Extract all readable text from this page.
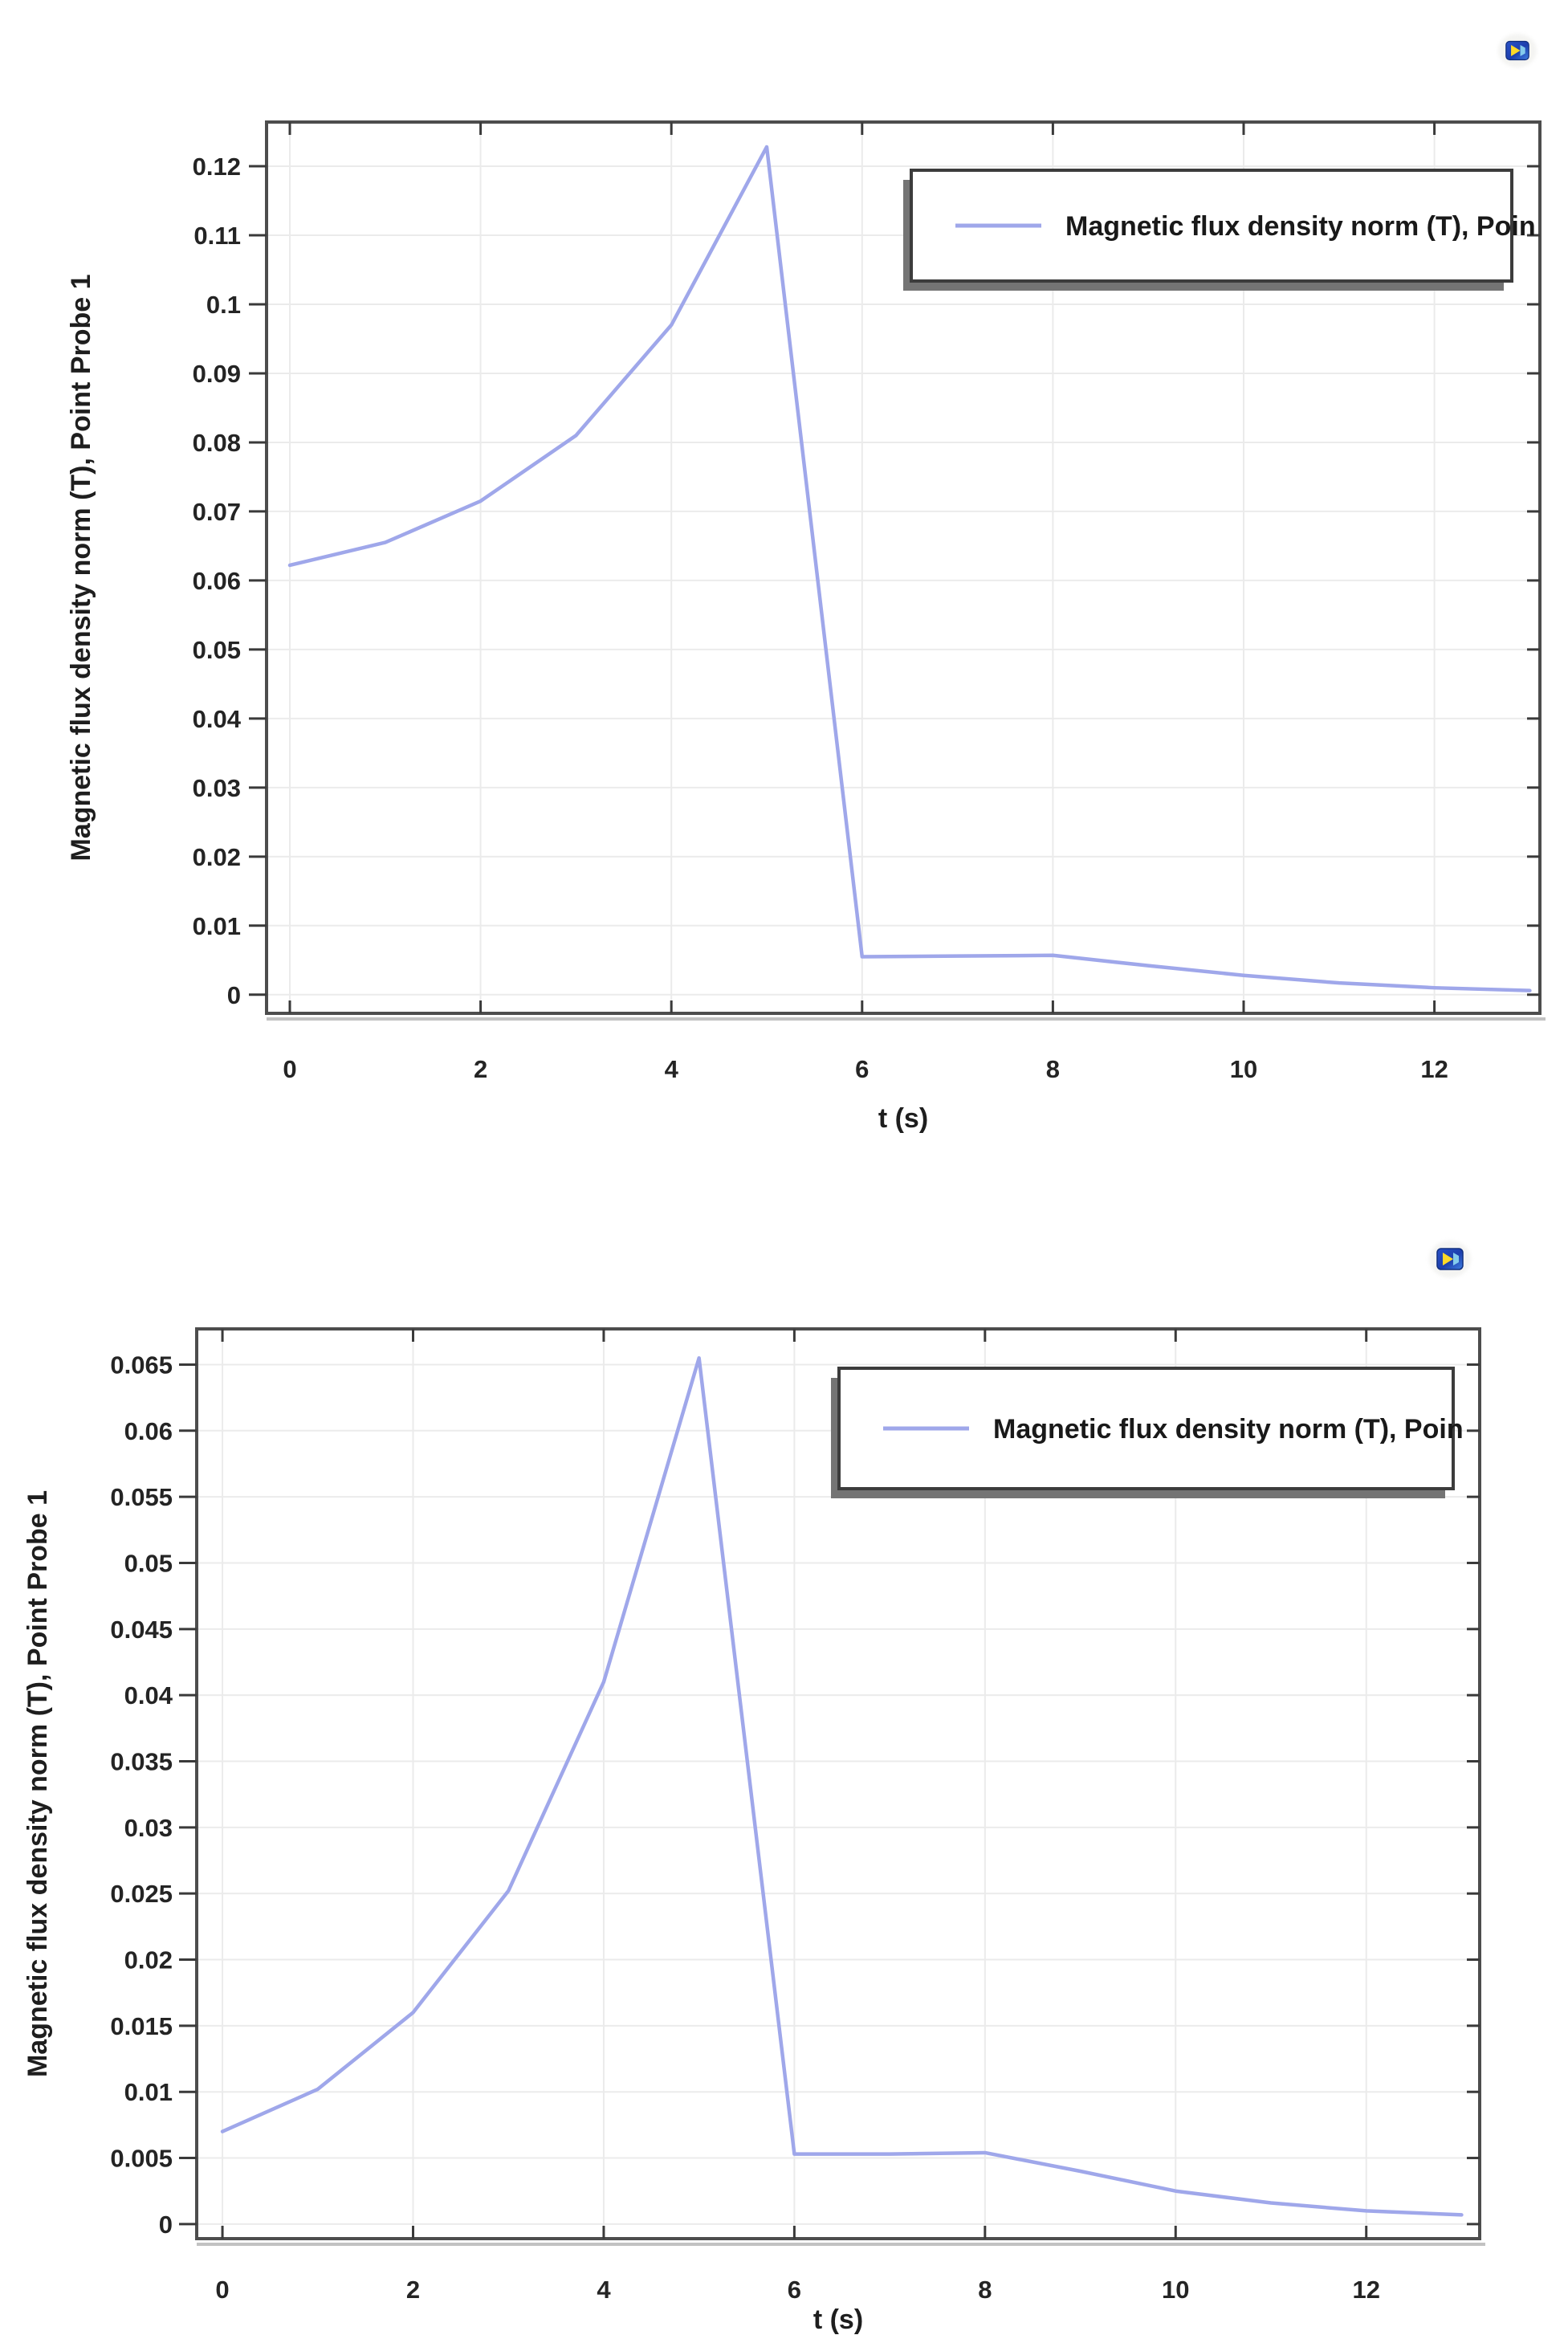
0
0.01
0.02
0.03
0.04
0.05
0.06
0.07
0.08
0.09
0.1
0.11
0.12
0	2	4	6	8	10	12
t (s)
Magnetic flux density norm (T), Point Probe 1
Magnetic flux density norm (T), Poin
0
0.005
0.01
0.015
0.02
0.025
0.03
0.035
0.04
0.045
0.05
0.055
0.06
0.065
0	2	4	6	8	10	12
t (s)
Magnetic flux density norm (T), Point Probe 1
Magnetic flux density norm (T), Poin
